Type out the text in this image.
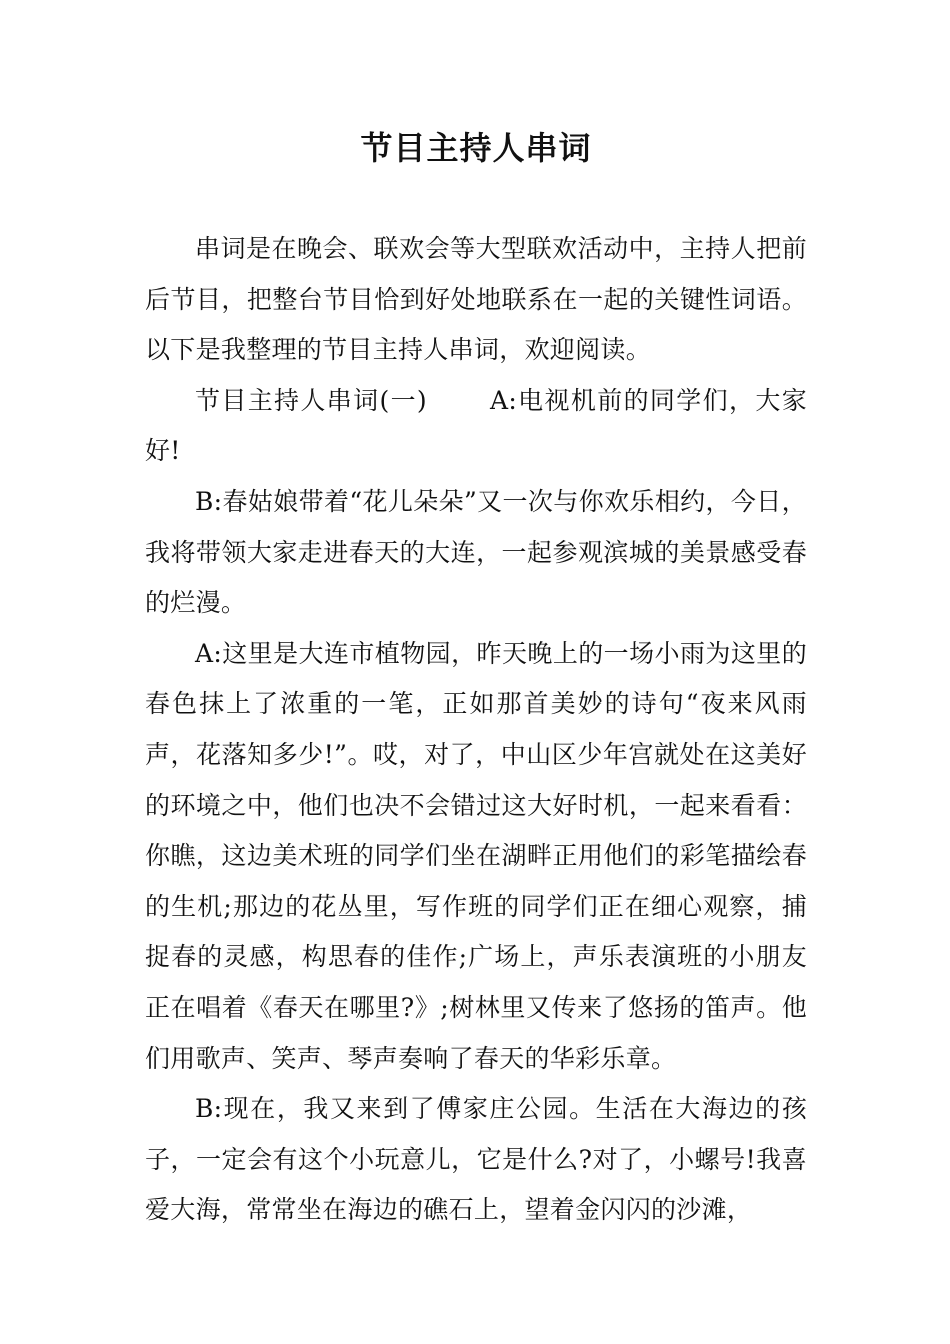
节目主持人串词

串词是在晚会、联欢会等大型联欢活动中，主持人把前后节目，把整台节目恰到好处地联系在一起的关键性词语。以下是我整理的节目主持人串词，欢迎阅读。

节目主持人串词(一)　　 A:电视机前的同学们，大家好!

B:春姑娘带着“花儿朵朵”又一次与你欢乐相约，今日，我将带领大家走进春天的大连，一起参观滨城的美景感受春的烂漫。

A:这里是大连市植物园，昨天晚上的一场小雨为这里的春色抹上了浓重的一笔，正如那首美妙的诗句“夜来风雨声，花落知多少!”。哎，对了，中山区少年宫就处在这美好的环境之中，他们也决不会错过这大好时机，一起来看看：你瞧，这边美术班的同学们坐在湖畔正用他们的彩笔描绘春的生机;那边的花丛里，写作班的同学们正在细心观察，捕捉春的灵感，构思春的佳作;广场上，声乐表演班的小朋友正在唱着《春天在哪里?》;树林里又传来了悠扬的笛声。他们用歌声、笑声、琴声奏响了春天的华彩乐章。

B:现在，我又来到了傅家庄公园。生活在大海边的孩子，一定会有这个小玩意儿，它是什么?对了，小螺号!我喜爱大海，常常坐在海边的礁石上，望着金闪闪的沙滩，
